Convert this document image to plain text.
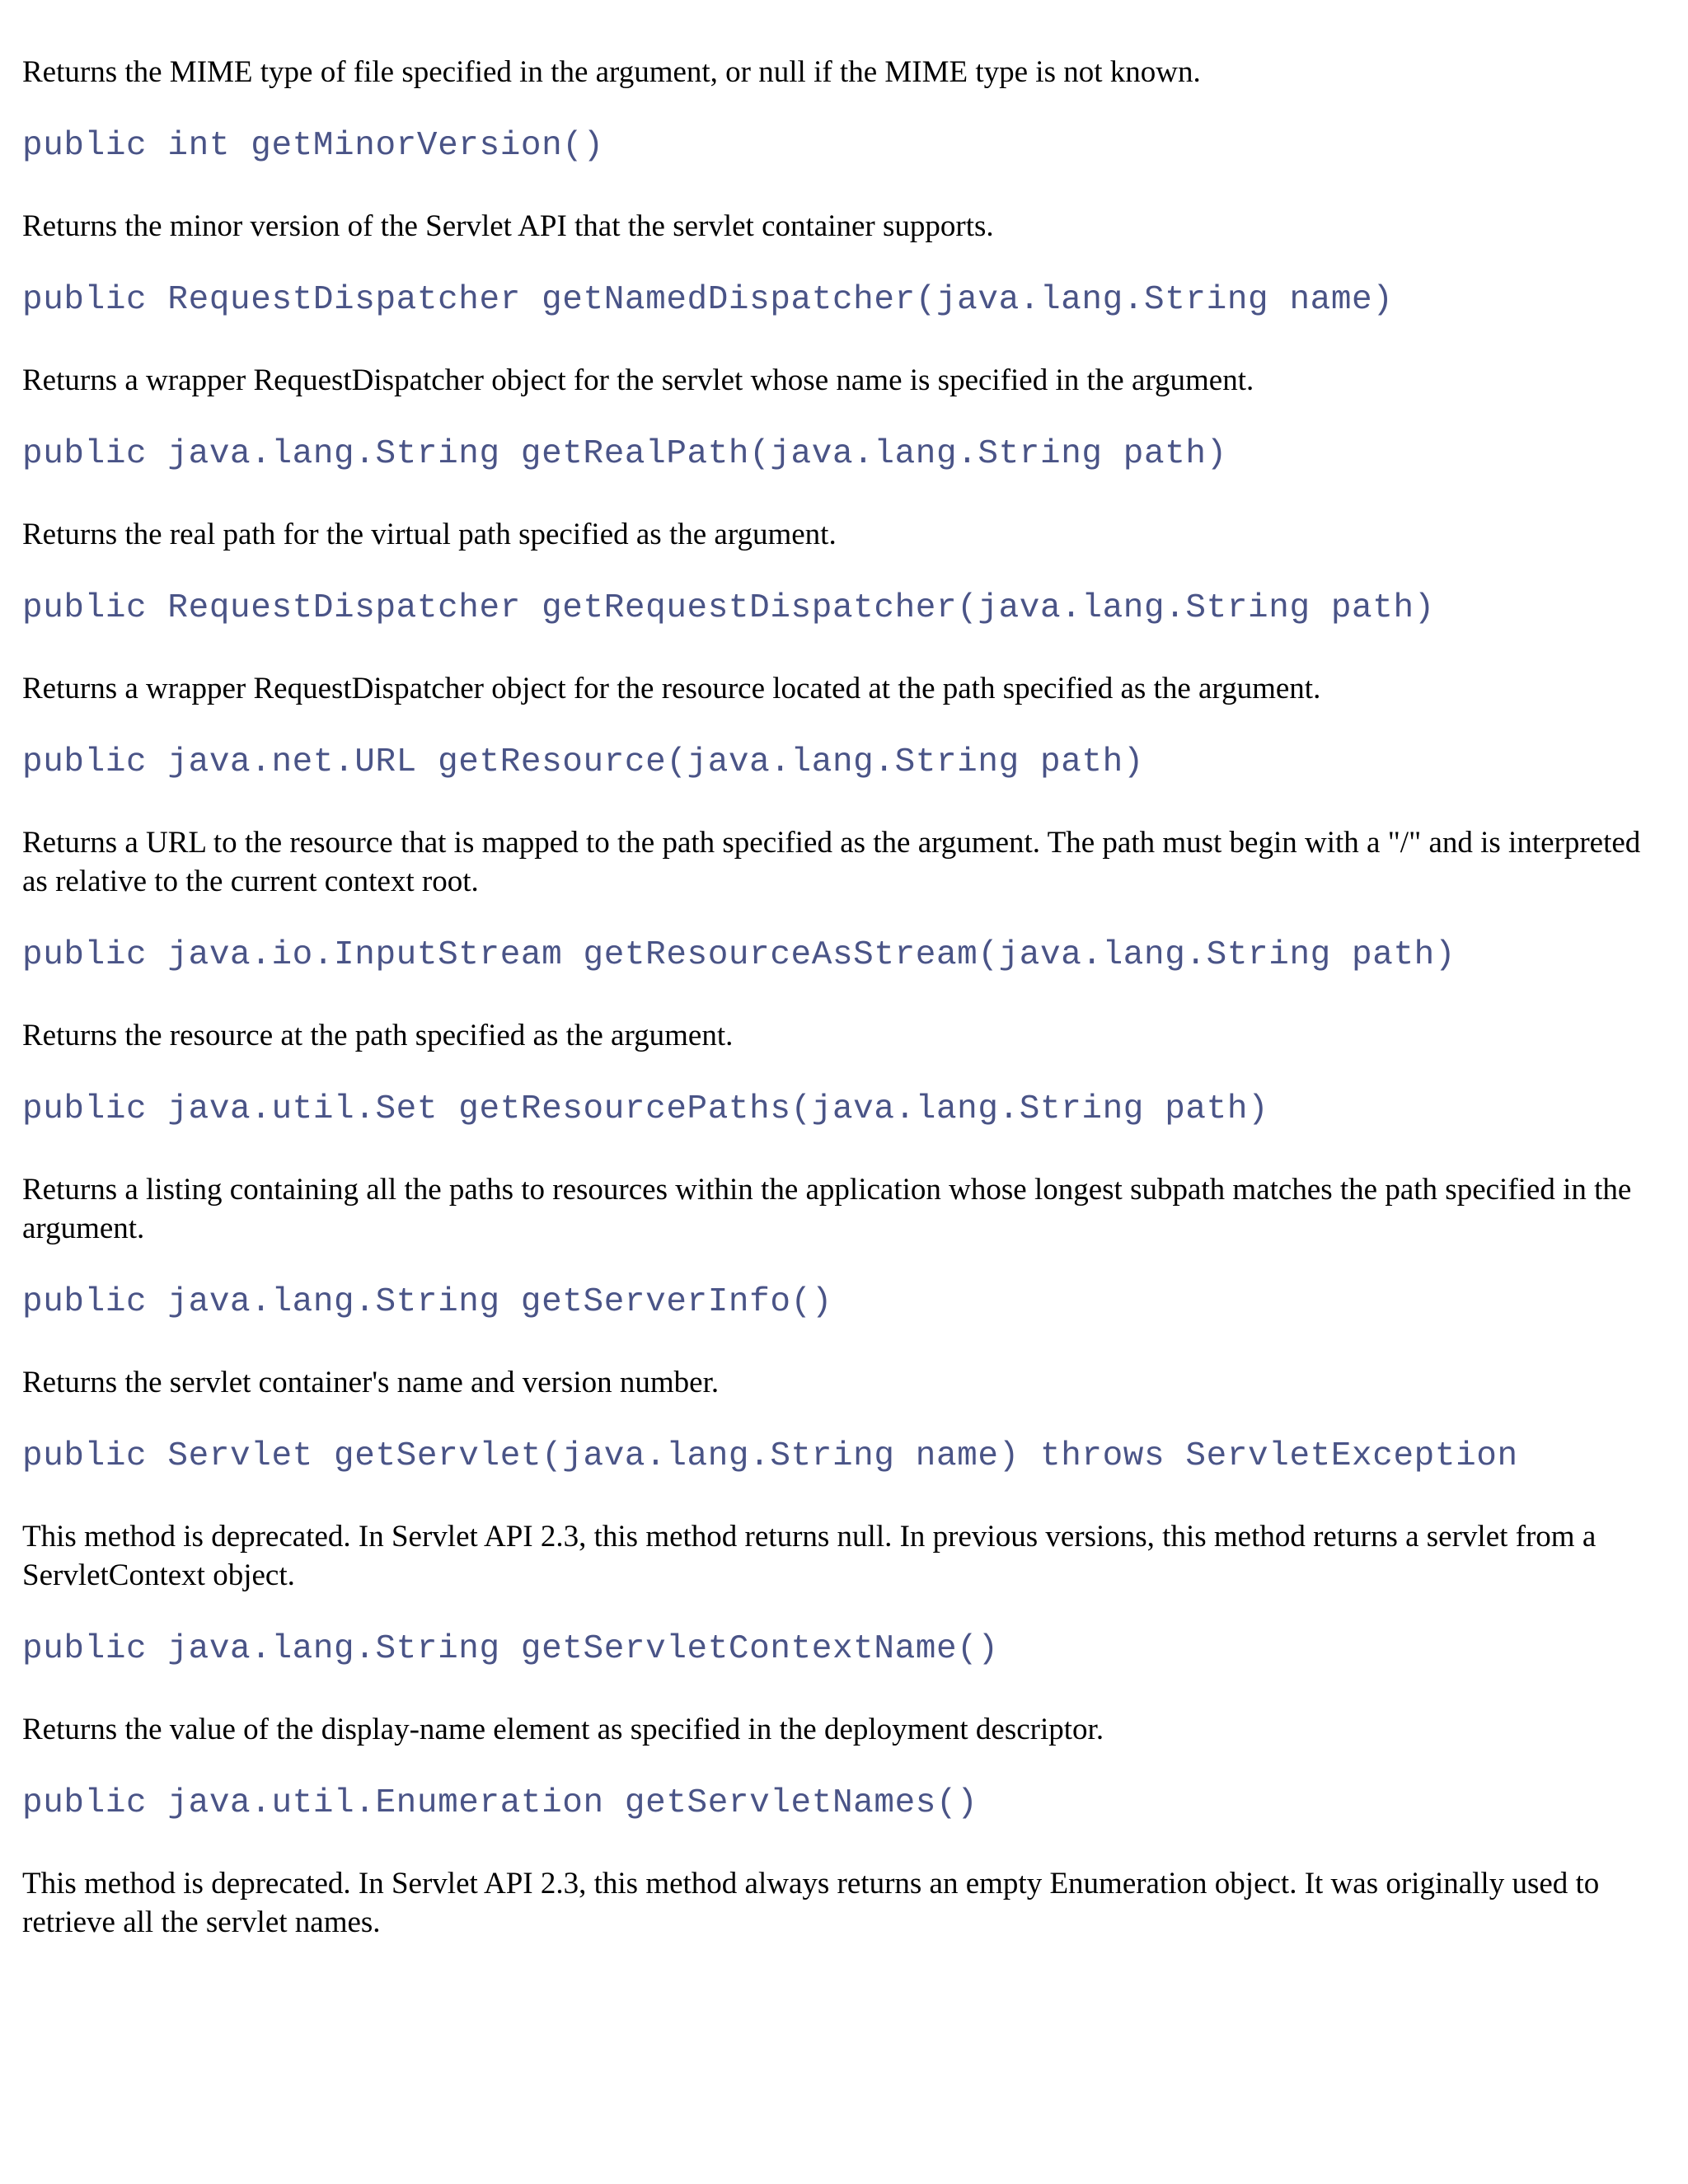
Returns the MIME type of file specified in the argument, or null if the MIME type is not known.

public int getMinorVersion()

Returns the minor version of the Servlet API that the servlet container supports.

public RequestDispatcher getNamedDispatcher(java.lang.String name)

Returns a wrapper RequestDispatcher object for the servlet whose name is specified in the argument.

public java.lang.String getRealPath(java.lang.String path)

Returns the real path for the virtual path specified as the argument.

public RequestDispatcher getRequestDispatcher(java.lang.String path)

Returns a wrapper RequestDispatcher object for the resource located at the path specified as the argument.

public java.net.URL getResource(java.lang.String path)

Returns a URL to the resource that is mapped to the path specified as the argument. The path must begin with a "/" and is interpreted as relative to the current context root.

public java.io.InputStream getResourceAsStream(java.lang.String path)

Returns the resource at the path specified as the argument.

public java.util.Set getResourcePaths(java.lang.String path)

Returns a listing containing all the paths to resources within the application whose longest subpath matches the path specified in the argument.

public java.lang.String getServerInfo()

Returns the servlet container's name and version number.

public Servlet getServlet(java.lang.String name) throws ServletException

This method is deprecated. In Servlet API 2.3, this method returns null. In previous versions, this method returns a servlet from a ServletContext object.

public java.lang.String getServletContextName()

Returns the value of the display-name element as specified in the deployment descriptor.

public java.util.Enumeration getServletNames()

This method is deprecated. In Servlet API 2.3, this method always returns an empty Enumeration object. It was originally used to retrieve all the servlet names.
